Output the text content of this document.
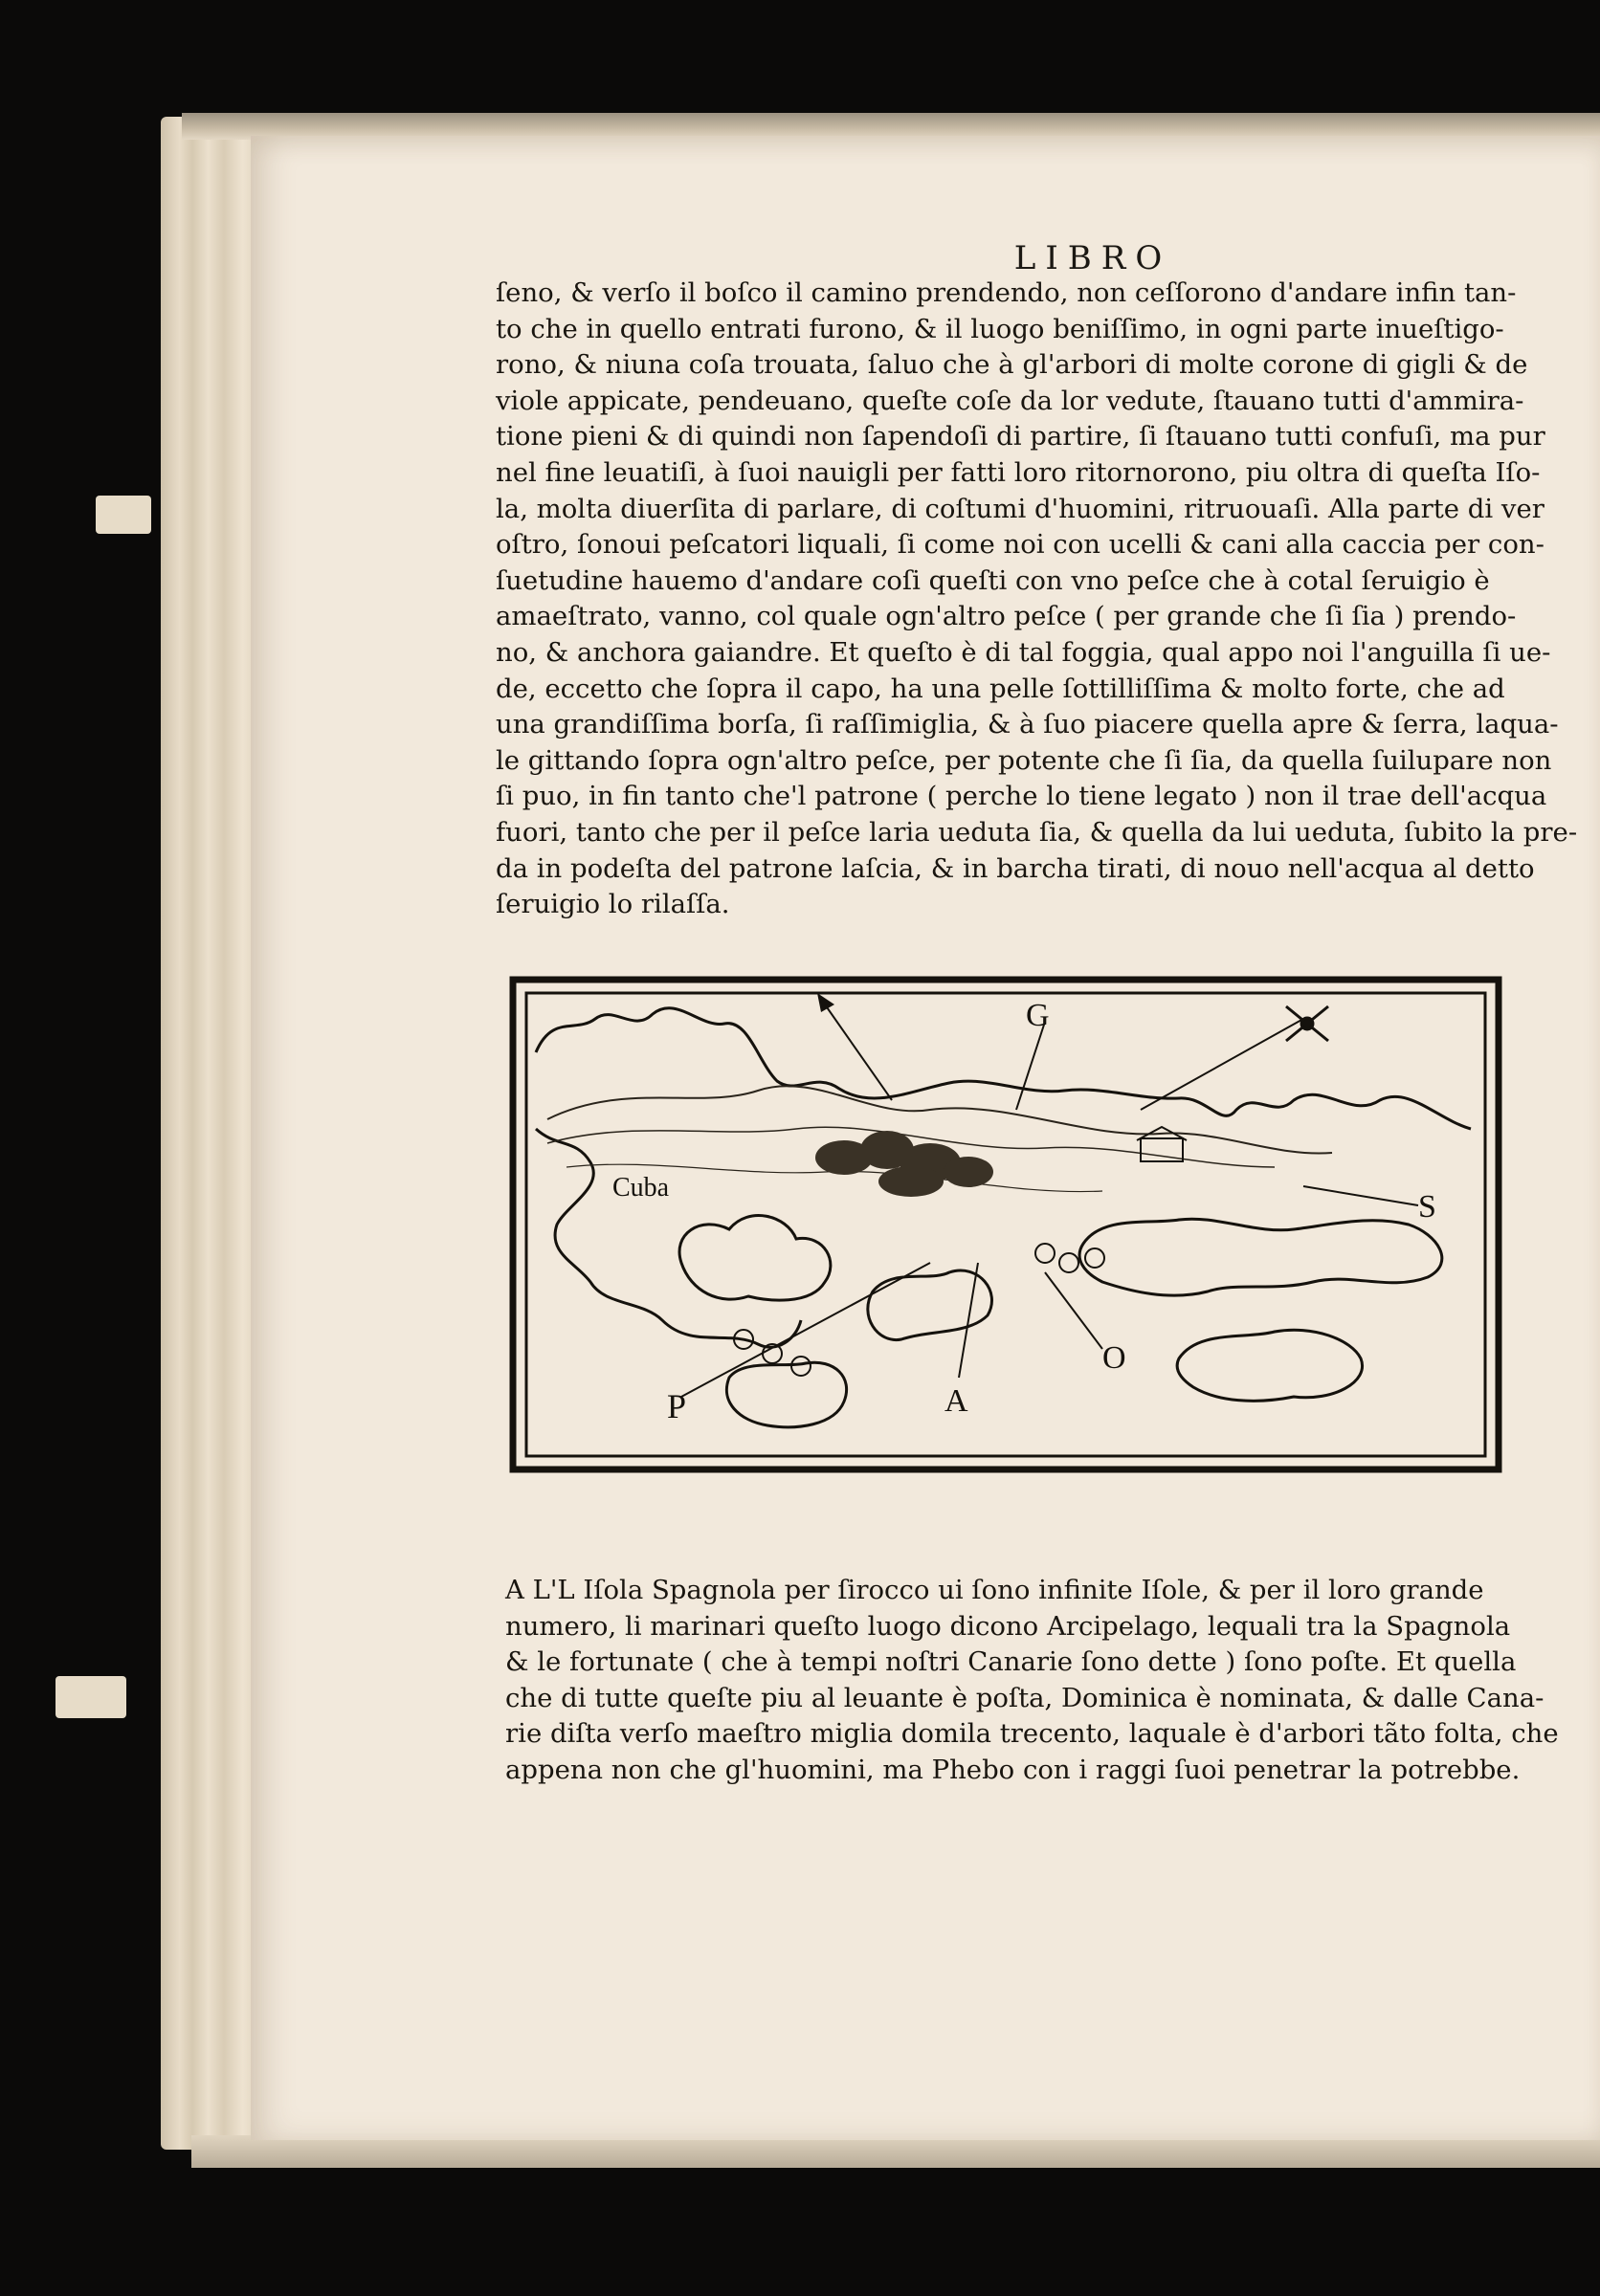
LIBRO

ſeno, & verſo il boſco il camino prendendo, non ceſſorono d'andare infin tan-
to che in quello entrati furono, & il luogo beniſſimo, in ogni parte inueſtigo-
rono, & niuna coſa trouata, ſaluo che à gl'arbori di molte corone di gigli & de
viole appicate, pendeuano, queſte coſe da lor vedute, ſtauano tutti d'ammira-
tione pieni & di quindi non ſapendoſi di partire, ſi ſtauano tutti confuſi, ma pur
nel fine leuatiſi, à ſuoi nauigli per fatti loro ritornorono, piu oltra di queſta Iſo-
la, molta diuerſita di parlare, di coſtumi d'huomini, ritruouaſi. Alla parte di ver
oſtro, ſonoui peſcatori liquali, ſi come noi con ucelli & cani alla caccia per con-
ſuetudine hauemo d'andare coſi queſti con vno peſce che à cotal ſeruigio è
amaeſtrato, vanno, col quale ogn'altro peſce ( per grande che ſi ſia ) prendo-
no, & anchora gaiandre. Et queſto è di tal foggia, qual appo noi l'anguilla ſi ue-
de, eccetto che ſopra il capo, ha una pelle ſottilliſſima & molto forte, che ad
una grandiſſima borſa, ſi raſſimiglia, & à ſuo piacere quella apre & ſerra, laqua-
le gittando ſopra ogn'altro peſce, per potente che ſi ſia, da quella ſuilupare non
ſi puo, in fin tanto che'l patrone ( perche lo tiene legato ) non il trae dell'acqua
fuori, tanto che per il peſce laria ueduta ſia, & quella da lui ueduta, ſubito la pre-
da in podeſta del patrone laſcia, & in barcha tirati, di nouo nell'acqua al detto
ſeruigio lo rilaſſa.

Cuba
G
S
O
A
P

A L'L Iſola Spagnola per ſirocco ui ſono infinite Iſole, & per il loro grande
numero, li marinari queſto luogo dicono Arcipelago, lequali tra la Spagnola
& le fortunate ( che à tempi noſtri Canarie ſono dette ) ſono poſte. Et quella
che di tutte queſte piu al leuante è poſta, Dominica è nominata, & dalle Cana-
rie diſta verſo maeſtro miglia domila trecento, laquale è d'arbori tãto folta, che
appena non che gl'huomini, ma Phebo con i raggi ſuoi penetrar la potrebbe.
